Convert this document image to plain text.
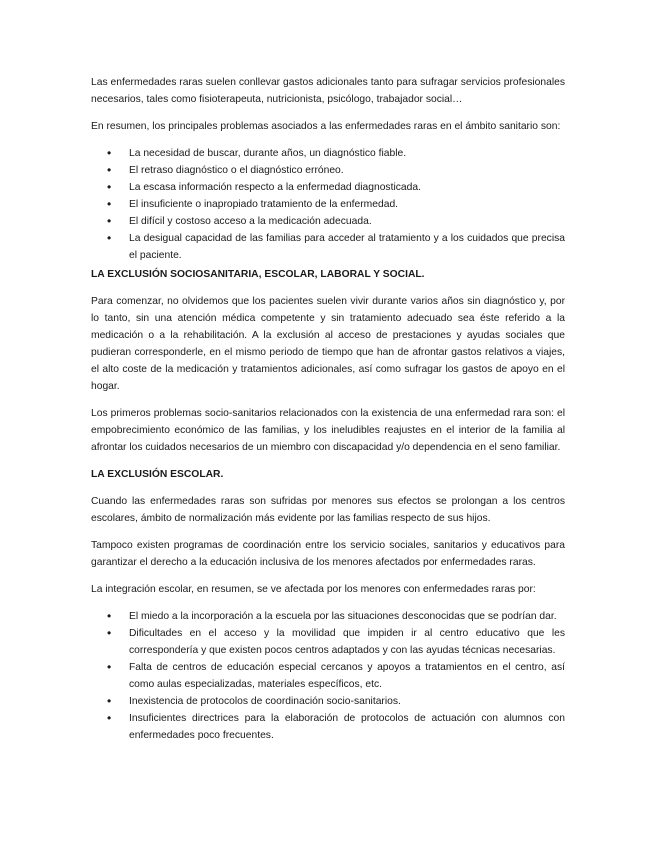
Las enfermedades raras suelen conllevar gastos adicionales tanto para sufragar servicios profesionales necesarios, tales como fisioterapeuta, nutricionista, psicólogo, trabajador social…

En resumen, los principales problemas asociados a las enfermedades raras en el ámbito sanitario son:

• La necesidad de buscar, durante años, un diagnóstico fiable.
• El retraso diagnóstico o el diagnóstico erróneo.
• La escasa información respecto a la enfermedad diagnosticada.
• El insuficiente o inapropiado tratamiento de la enfermedad.
• El difícil y costoso acceso a la medicación adecuada.
• La desigual capacidad de las familias para acceder al tratamiento y a los cuidados que precisa el paciente.
LA EXCLUSIÓN SOCIOSANITARIA, ESCOLAR, LABORAL Y SOCIAL.

Para comenzar, no olvidemos que los pacientes suelen vivir durante varios años sin diagnóstico y, por lo tanto, sin una atención médica competente y sin tratamiento adecuado sea éste referido a la medicación o a la rehabilitación. A la exclusión al acceso de prestaciones y ayudas sociales que pudieran corresponderle, en el mismo periodo de tiempo que han de afrontar gastos relativos a viajes, el alto coste de la medicación y tratamientos adicionales, así como sufragar los gastos de apoyo en el hogar.

Los primeros problemas socio-sanitarios relacionados con la existencia de una enfermedad rara son: el empobrecimiento económico de las familias, y los ineludibles reajustes en el interior de la familia al afrontar los cuidados necesarios de un miembro con discapacidad y/o dependencia en el seno familiar.

LA EXCLUSIÓN ESCOLAR.

Cuando las enfermedades raras son sufridas por menores sus efectos se prolongan a los centros escolares, ámbito de normalización más evidente por las familias respecto de sus hijos.

Tampoco existen programas de coordinación entre los servicio sociales, sanitarios y educativos para garantizar el derecho a la educación inclusiva de los menores afectados por enfermedades raras.

La integración escolar, en resumen, se ve afectada por los menores con enfermedades raras por:

• El miedo a la incorporación a la escuela por las situaciones desconocidas que se podrían dar.
• Dificultades en el acceso y la movilidad que impiden ir al centro educativo que les correspondería y que existen pocos centros adaptados y con las ayudas técnicas necesarias.
• Falta de centros de educación especial cercanos y apoyos a tratamientos en el centro, así como aulas especializadas, materiales específicos, etc.
• Inexistencia de protocolos de coordinación socio-sanitarios.
• Insuficientes directrices para la elaboración de protocolos de actuación con alumnos con enfermedades poco frecuentes.
